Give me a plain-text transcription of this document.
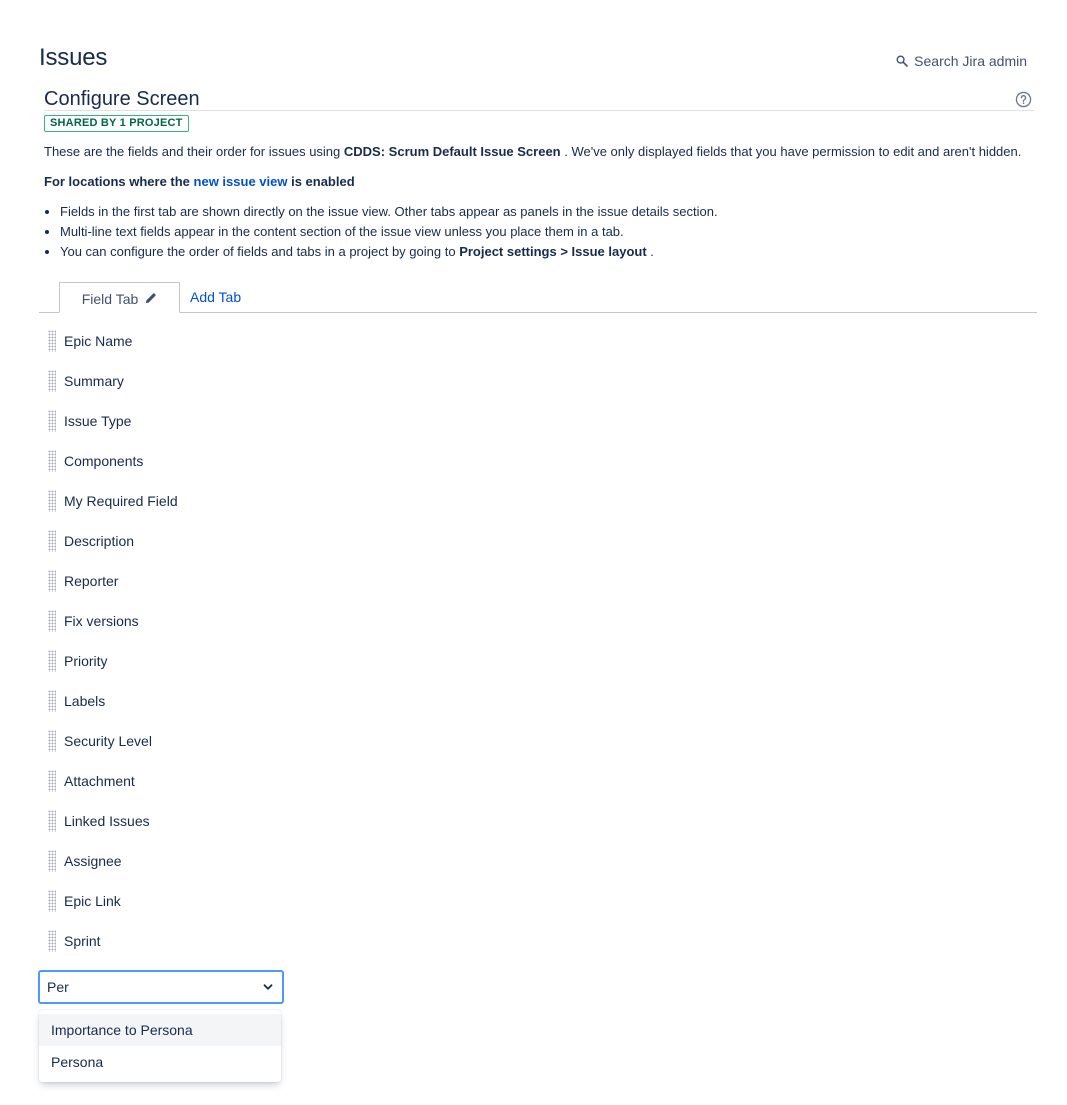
Issues	Search Jira admin
Configure Screen
SHARED BY 1 PROJECT

These are the fields and their order for issues using CDDS: Scrum Default Issue Screen . We've only displayed fields that you have permission to edit and aren't hidden.

For locations where the new issue view is enabled

• Fields in the first tab are shown directly on the issue view. Other tabs appear as panels in the issue details section.
• Multi-line text fields appear in the content section of the issue view unless you place them in a tab.
• You can configure the order of fields and tabs in a project by going to Project settings > Issue layout .
Field Tab	Add Tab
Epic Name
Summary
Issue Type
Components
My Required Field
Description
Reporter
Fix versions
Priority
Labels
Security Level
Attachment
Linked Issues
Assignee
Epic Link
Sprint
Per
Importance to Persona
Persona
